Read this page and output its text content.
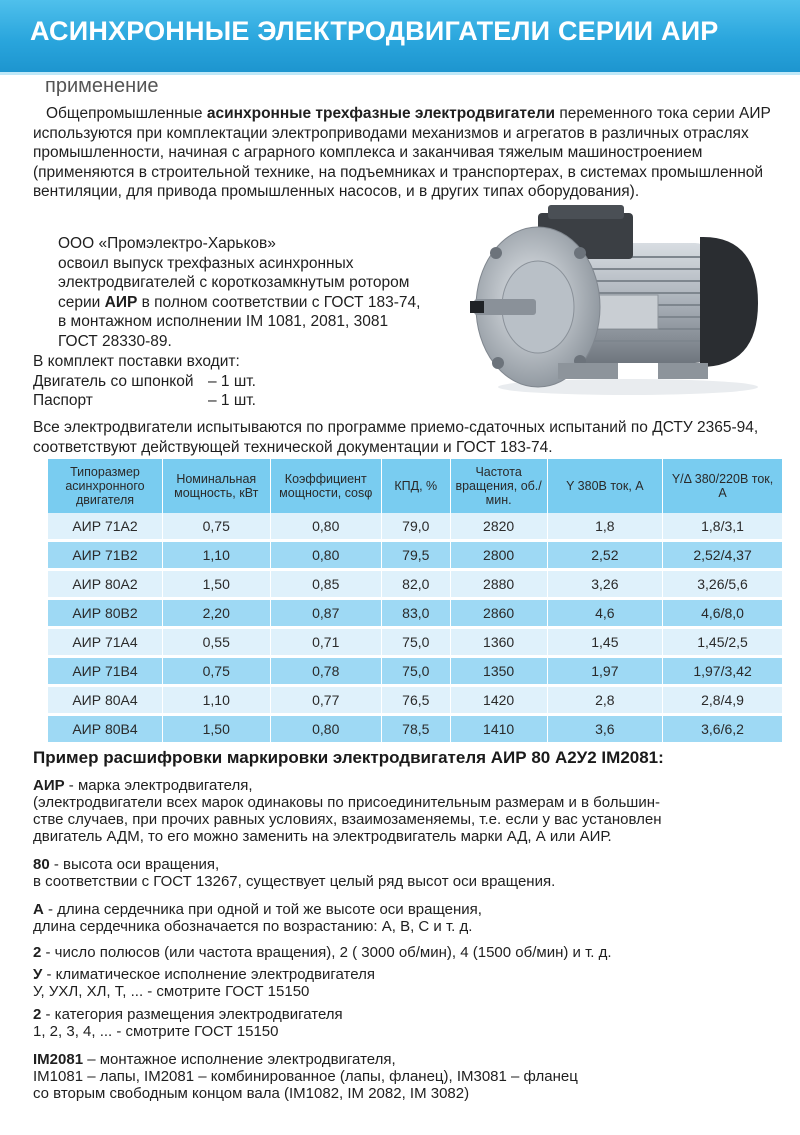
АСИНХРОННЫЕ ЭЛЕКТРОДВИГАТЕЛИ СЕРИИ АИР
применение
Общепромышленные асинхронные трехфазные электродвигатели переменного тока серии АИР используются при комплектации электроприводами механизмов и агрегатов в различных отраслях промышленности, начиная с аграрного комплекса и заканчивая тяжелым машиностроением (применяются в строительной технике, на подъемниках и транспортерах, в системах промышленной вентиляции, для привода промышленных насосов, и в других типах оборудования).
ООО «Промэлектро-Харьков»
освоил выпуск трехфазных асинхронных
электродвигателей с короткозамкнутым ротором
серии АИР в полном соответствии с ГОСТ 183-74,
в монтажном исполнении IM 1081, 2081, 3081
ГОСТ 28330-89.
В комплект поставки входит:
Двигатель со шпонкой – 1 шт.
Паспорт	– 1 шт.
Все электродвигатели испытываются по программе приемо-сдаточных испытаний по ДСТУ 2365-94, соответствуют действующей технической документации и ГОСТ 183-74.
Типоразмер асинхронного двигателя	Номинальная мощность, кВт	Коэффициент мощности, cosφ	КПД, %	Частота вращения, об./мин.	Y 380В ток, А	Y/Δ 380/220В ток, А
АИР 71А2	0,75	0,80	79,0	2820	1,8	1,8/3,1
АИР 71В2	1,10	0,80	79,5	2800	2,52	2,52/4,37
АИР 80А2	1,50	0,85	82,0	2880	3,26	3,26/5,6
АИР 80В2	2,20	0,87	83,0	2860	4,6	4,6/8,0
АИР 71А4	0,55	0,71	75,0	1360	1,45	1,45/2,5
АИР 71В4	0,75	0,78	75,0	1350	1,97	1,97/3,42
АИР 80А4	1,10	0,77	76,5	1420	2,8	2,8/4,9
АИР 80В4	1,50	0,80	78,5	1410	3,6	3,6/6,2
Пример расшифровки маркировки электродвигателя АИР 80 А2У2 IM2081:
АИР - марка электродвигателя,
(электродвигатели всех марок одинаковы по присоединительным размерам и в большин-
стве случаев, при прочих равных условиях, взаимозаменяемы, т.е. если у вас установлен
двигатель АДМ, то его можно заменить на электродвигатель марки АД, А или АИР.
80 - высота оси вращения,
в соответствии с ГОСТ 13267, существует целый ряд высот оси вращения.
А - длина сердечника при одной и той же высоте оси вращения,
длина сердечника обозначается по возрастанию: А, В, С и т. д.
2 - число полюсов (или частота вращения), 2 ( 3000 об/мин), 4 (1500 об/мин) и т. д.
У - климатическое исполнение электродвигателя
У, УХЛ, ХЛ, Т, ... - смотрите ГОСТ 15150
2 - категория размещения электродвигателя
1, 2, 3, 4, ... - смотрите ГОСТ 15150
IM2081 – монтажное исполнение электродвигателя,
IM1081 – лапы, IM2081 – комбинированное (лапы, фланец), IM3081 – фланец
со вторым свободным концом вала (IM1082, IM 2082, IM 3082)
